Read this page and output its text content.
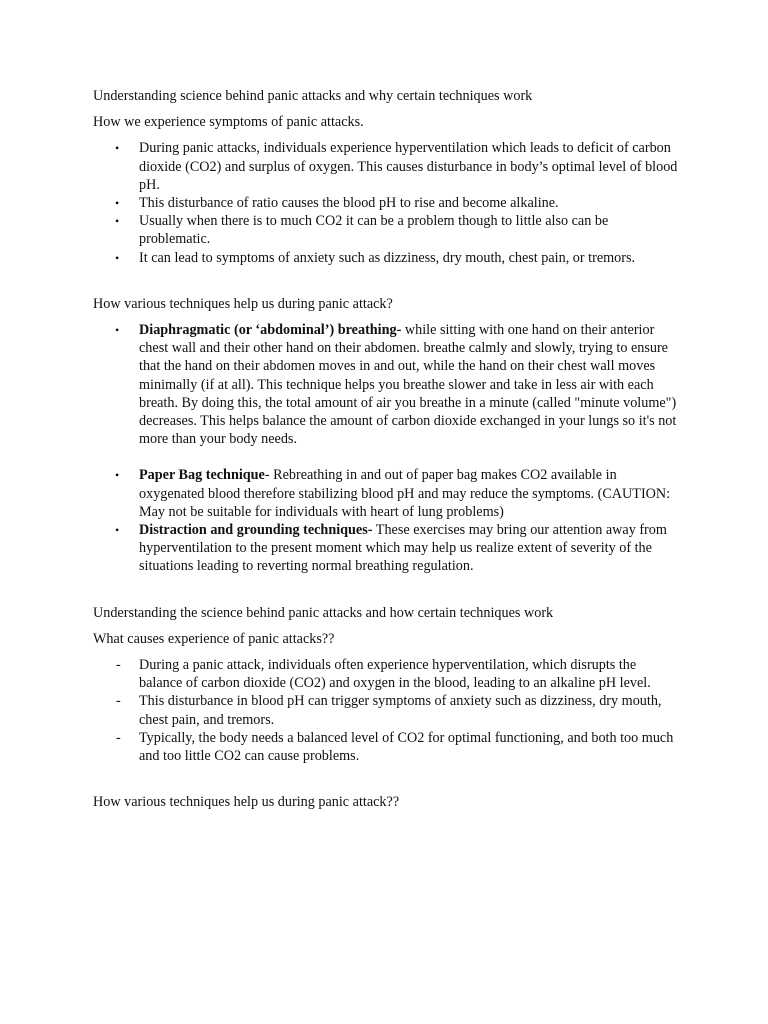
Understanding science behind panic attacks and why certain techniques work

How we experience symptoms of panic attacks.

• During panic attacks, individuals experience hyperventilation which leads to deficit of carbon dioxide (CO2) and surplus of oxygen. This causes disturbance in body’s optimal level of blood pH.
• This disturbance of ratio causes the blood pH to rise and become alkaline.
• Usually when there is to much CO2 it can be a problem though to little also can be problematic.
• It can lead to symptoms of anxiety such as dizziness, dry mouth, chest pain, or tremors.

How various techniques help us during panic attack?

• Diaphragmatic (or ‘abdominal’) breathing- while sitting with one hand on their anterior chest wall and their other hand on their abdomen. breathe calmly and slowly, trying to ensure that the hand on their abdomen moves in and out, while the hand on their chest wall moves minimally (if at all). This technique helps you breathe slower and take in less air with each breath. By doing this, the total amount of air you breathe in a minute (called "minute volume") decreases. This helps balance the amount of carbon dioxide exchanged in your lungs so it's not more than your body needs.
• Paper Bag technique- Rebreathing in and out of paper bag makes CO2 available in oxygenated blood therefore stabilizing blood pH and may reduce the symptoms. (CAUTION: May not be suitable for individuals with heart of lung problems)
• Distraction and grounding techniques- These exercises may bring our attention away from hyperventilation to the present moment which may help us realize extent of severity of the situations leading to reverting normal breathing regulation.

Understanding the science behind panic attacks and how certain techniques work

What causes experience of panic attacks??

- During a panic attack, individuals often experience hyperventilation, which disrupts the balance of carbon dioxide (CO2) and oxygen in the blood, leading to an alkaline pH level.
- This disturbance in blood pH can trigger symptoms of anxiety such as dizziness, dry mouth, chest pain, and tremors.
- Typically, the body needs a balanced level of CO2 for optimal functioning, and both too much and too little CO2 can cause problems.

How various techniques help us during panic attack??
